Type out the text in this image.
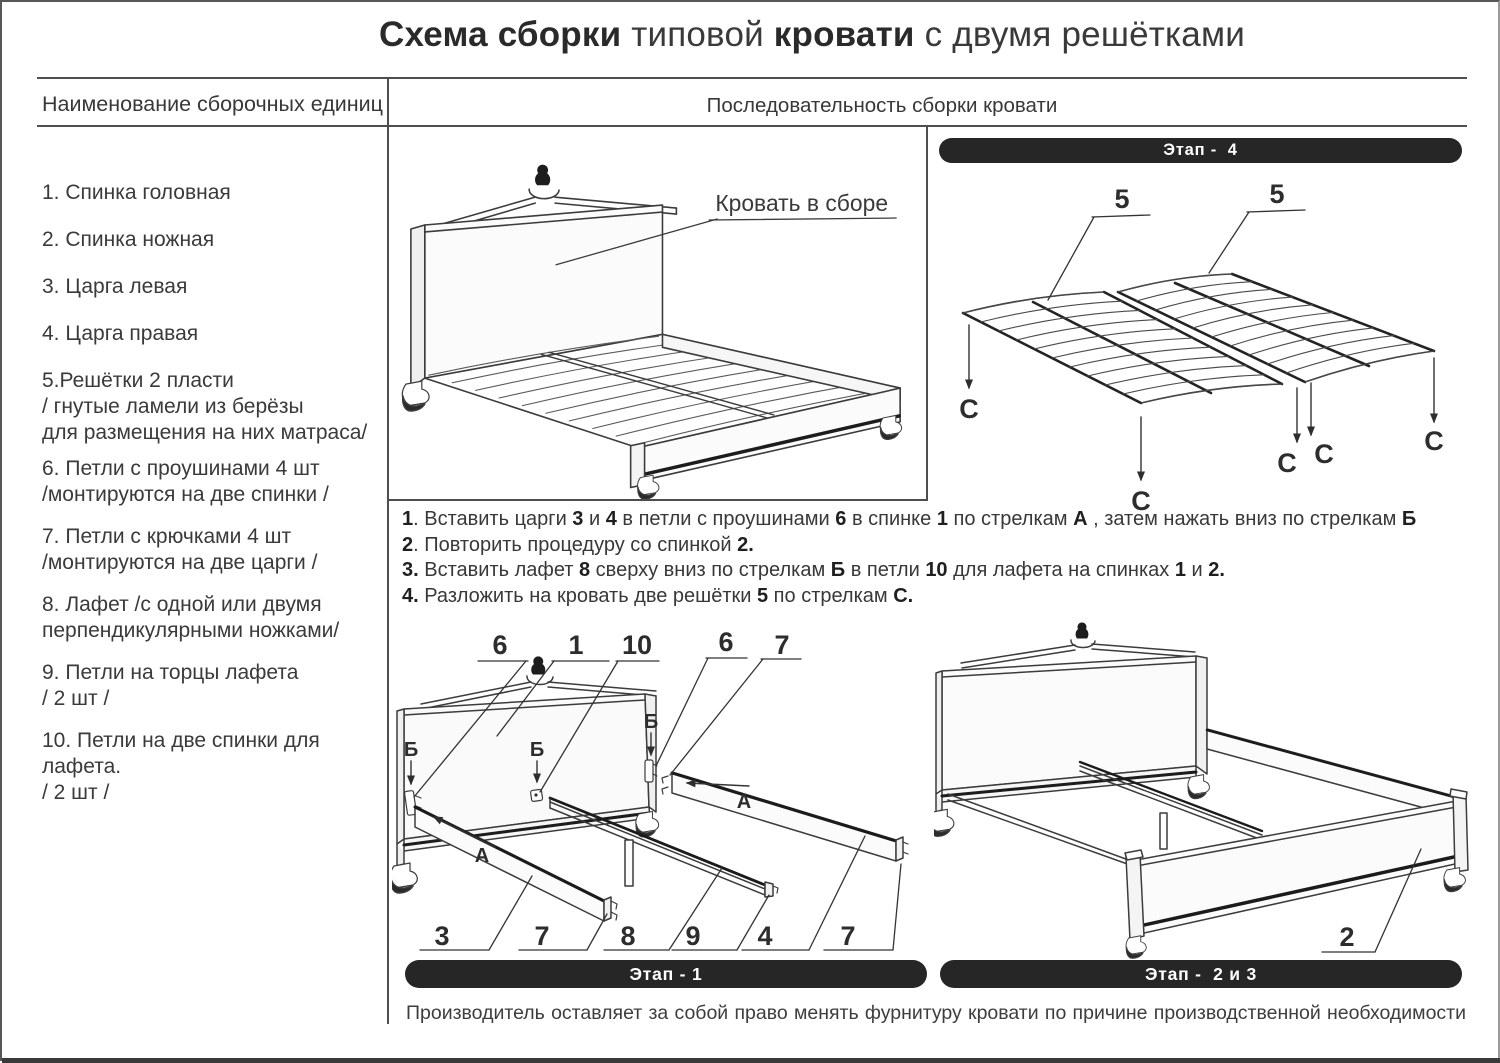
Схема сборки типовой кровати с двумя решётками
Наименование сборочных единиц	Последовательность сборки кровати
1. Спинка головная
2. Спинка ножная
3. Царга левая
4. Царга правая
5.Решётки 2 пласти
/ гнутые ламели из берёзы
для размещения на них матраса/
6. Петли с проушинами 4 шт
/монтируются на две спинки /
7. Петли с крючками 4 шт
/монтируются на две царги /
8. Лафет /с одной или двумя
перпендикулярными ножками/
9. Петли на торцы лафета
/ 2 шт /
10. Петли на две спинки для лафета.
/ 2 шт /
Кровать в сборе
Этап -  4
5	5
С
С
С С	С
1. Вставить царги 3 и 4 в петли с проушинами 6 в спинке 1 по стрелкам А , затем нажать вниз по стрелкам Б
2. Повторить процедуру со спинкой 2.
3. Вставить лафет 8 сверху вниз по стрелкам Б в петли 10 для лафета на спинках 1 и 2.
4. Разложить на кровать две решётки 5 по стрелкам С.
6 1 10 6 7
Б	Б
Б
А
А
3	7	8 9 4	7	2
Этап - 1	Этап -  2 и 3
Производитель оставляет за собой право менять фурнитуру кровати по причине производственной необходимости
